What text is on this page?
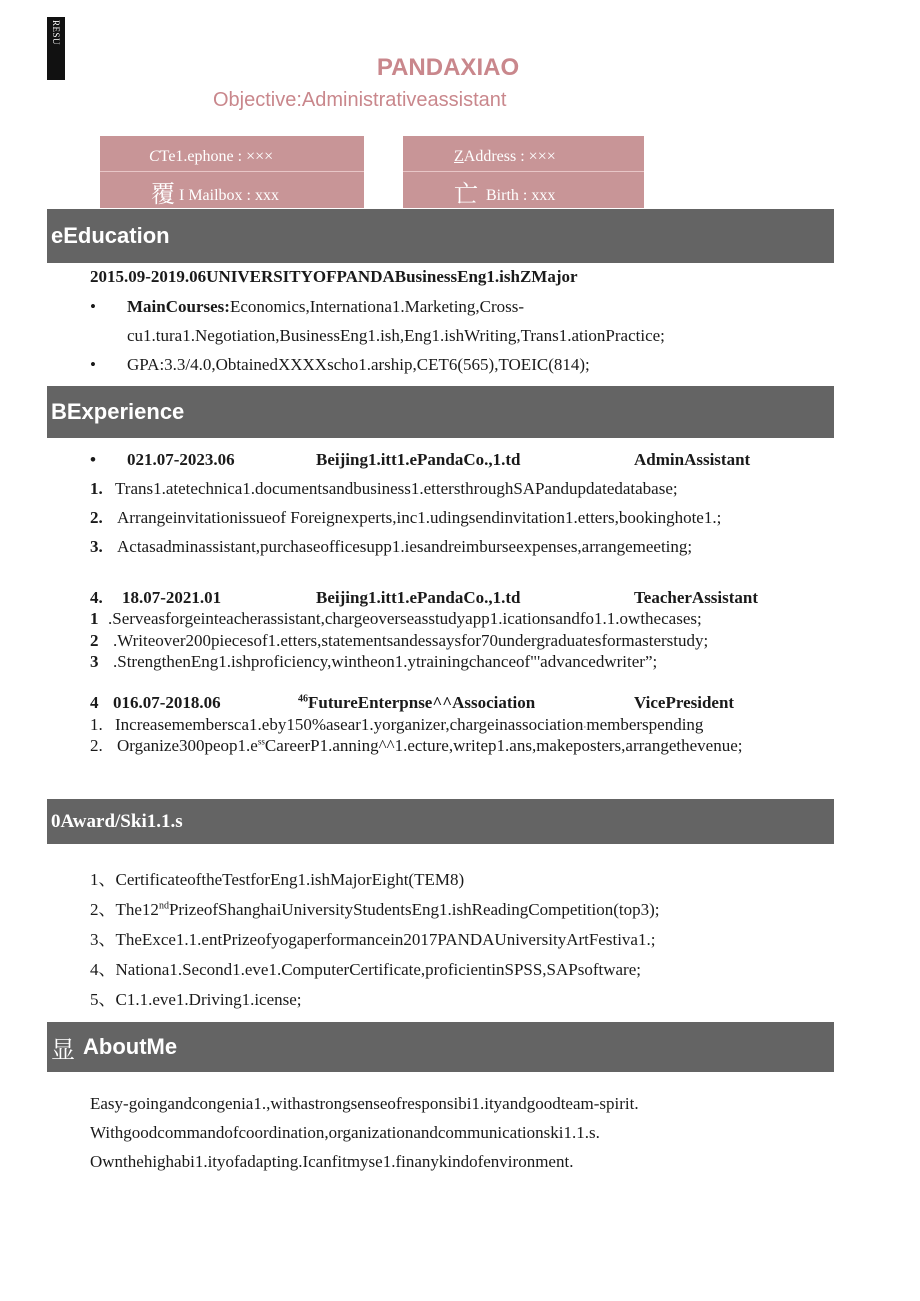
RESU
PANDAXIAO
Objective:Administrativeassistant
CTe1.ephone : ×××
覆 I Mailbox : xxx
ZAddress : ×××
亡 Birth : xxx
eEducation
2015.09-2019.06UNIVERSITYOFPANDABusinessEng1.ishZMajor
• MainCourses:Economics,Internationa1.Marketing,Cross-
cu1.tura1.Negotiation,BusinessEng1.ish,Eng1.ishWriting,Trans1.ationPractice;
• GPA:3.3/4.0,ObtainedXXXXscho1.arship,CET6(565),TOEIC(814);
BExperience
• 021.07-2023.06	Beijing1.itt1.ePandaCo.,1.td	AdminAssistant
1. Trans1.atetechnica1.documentsandbusiness1.ettersthroughSAPandupdatedatabase;
2. Arrangeinvitationissueof Foreignexperts,inc1.udingsendinvitation1.etters,bookinghote1.;
3. Actasadminassistant,purchaseofficesupp1.iesandreimburseexpenses,arrangemeeting;
4. 18.07-2021.01	Beijing1.itt1.ePandaCo.,1.td	TeacherAssistant
1 .Serveasforgeinteacherassistant,chargeoverseasstudyapp1.icationsandfo1.1.owthecases;
2 .Writeover200piecesof1.etters,statementsandessaysfor70undergraduatesformasterstudy;
3 .StrengthenEng1.ishproficiency,wintheon1.ytrainingchanceof"'advancedwriter”;
4 016.07-2018.06	$^{46}$FutureEnterpnse^^Association	VicePresident
1. Increasememberscа1.eby150%asear1.yorganizer,chargeinassociation·memberspending
2. $Organize300peop1.e^{ss}CareerP1.anning\^{}\^{}1.ecture,writep1.ans,makeposters,arrangethevenue$;
0Award/Ski1.1.s
1、CertificateoftheTestforEng1.ishMajorEight(TEM8)
2、The12ndPrizeofShanghaiUniversityStudentsEng1.ishReadingCompetition(top3);
3、TheExce1.1.entPrizeofyogaperformancein2017PANDAUniversityArtFestiva1.;
4、Nationa1.Second1.eve1.ComputerCertificate,proficientinSPSS,SAPsoftware;
5、C1.1.eve1.Driving1.icense;
显 AboutMe
Easy-goingandcongenia1.,withastrongsenseofresponsibi1.ityandgoodteam-spirit.
Withgoodcommandofcoordination,organizationandcommunicationski1.1.s.
Ownthehighabi1.ityofadapting.Icanfitmyse1.finanykindofenvironment.
